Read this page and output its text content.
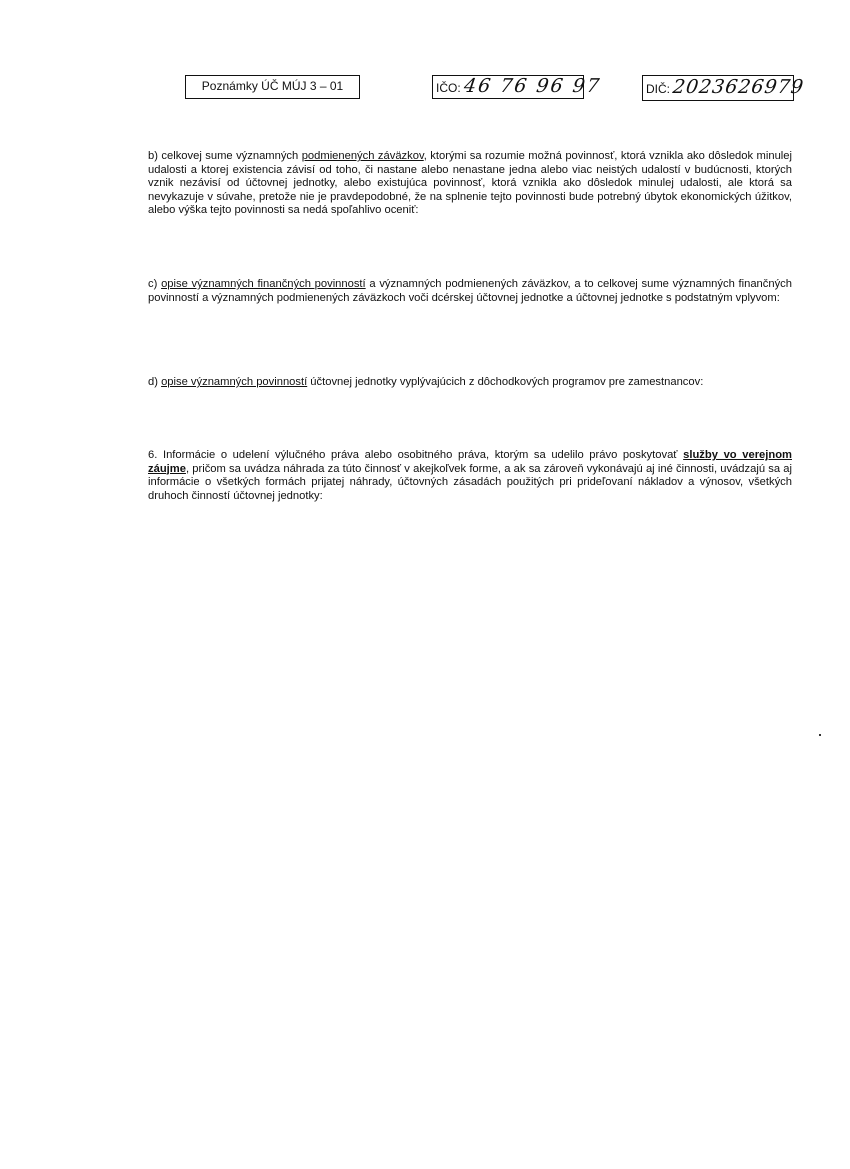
Poznámky ÚČ MÚJ 3 – 01	IČO: 46 76 96 97	DIČ: 2023626979

b) celkovej sume významných podmienených záväzkov, ktorými sa rozumie možná povinnosť, ktorá vznikla ako dôsledok minulej udalosti a ktorej existencia závisí od toho, či nastane alebo nenastane jedna alebo viac neistých udalostí v budúcnosti, ktorých vznik nezávisí od účtovnej jednotky, alebo existujúca povinnosť, ktorá vznikla ako dôsledok minulej udalosti, ale ktorá sa nevykazuje v súvahe, pretože nie je pravdepodobné, že na splnenie tejto povinnosti bude potrebný úbytok ekonomických úžitkov, alebo výška tejto povinnosti sa nedá spoľahlivo oceniť:

c) opise významných finančných povinností a významných podmienených záväzkov, a to celkovej sume významných finančných povinností a významných podmienených záväzkoch voči dcérskej účtovnej jednotke a účtovnej jednotke s podstatným vplyvom:

d) opise významných povinností účtovnej jednotky vyplývajúcich z dôchodkových programov pre zamestnancov:

6. Informácie o udelení výlučného práva alebo osobitného práva, ktorým sa udelilo právo poskytovať služby vo verejnom záujme, pričom sa uvádza náhrada za túto činnosť v akejkoľvek forme, a ak sa zároveň vykonávajú aj iné činnosti, uvádzajú sa aj informácie o všetkých formách prijatej náhrady, účtovných zásadách použitých pri prideľovaní nákladov a výnosov, všetkých druhoch činností účtovnej jednotky:
